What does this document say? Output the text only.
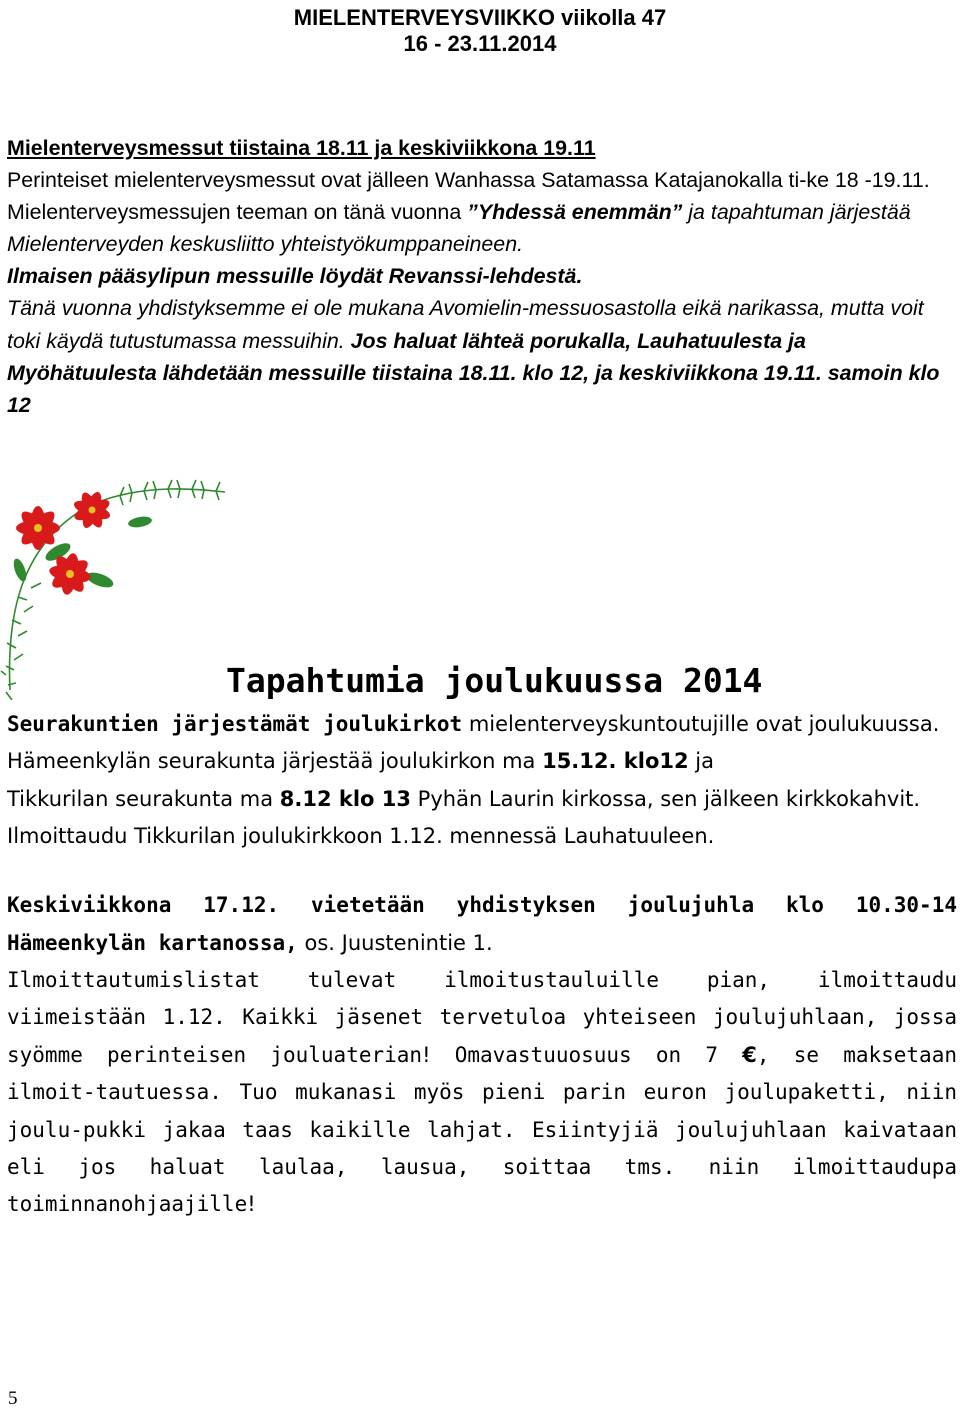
MIELENTERVEYSVIIKKO viikolla 47
16 - 23.11.2014

Mielenterveysmessut tiistaina 18.11 ja keskiviikkona 19.11

Perinteiset mielenterveysmessut ovat jälleen Wanhassa Satamassa Katajanokalla ti-ke 18 -19.11. Mielenterveysmessujen teeman on tänä vuonna ”Yhdessä enemmän” ja tapahtuman järjestää Mielenterveyden keskusliitto yhteistyökumppaneineen.

Ilmaisen pääsylipun messuille löydät Revanssi-lehdestä.

Tänä vuonna yhdistyksemme ei ole mukana Avomielin-messuosastolla eikä narikassa, mutta voit toki käydä tutustumassa messuihin. Jos haluat lähteä porukalla, Lauhatuulesta ja Myöhätuulesta lähdetään messuille tiistaina 18.11. klo 12, ja keskiviikkona 19.11. samoin klo 12

Tapahtumia joulukuussa 2014

Seurakuntien järjestämät joulukirkot mielenterveyskuntoutujille ovat joulukuussa.

Hämeenkylän seurakunta järjestää joulukirkon ma 15.12. klo12 ja

Tikkurilan seurakunta ma 8.12 klo 13 Pyhän Laurin kirkossa, sen jälkeen kirkkokahvit.

Ilmoittaudu Tikkurilan joulukirkkoon 1.12. mennessä Lauhatuuleen.

Keskiviikkona 17.12. vietetään yhdistyksen joulujuhla klo 10.30-14 Hämeenkylän kartanossa, os. Juustenintie 1.
Ilmoittautumislistat tulevat ilmoitustauluille pian, ilmoittaudu viimeistään 1.12. Kaikki jäsenet tervetuloa yhteiseen joulujuhlaan, jossa syömme perinteisen jouluaterian! Omavastuuosuus on 7 €, se maksetaan ilmoit-tautuessa. Tuo mukanasi myös pieni parin euron joulupaketti, niin joulu-pukki jakaa taas kaikille lahjat. Esiintyjiä joulujuhlaan kaivataan eli jos haluat laulaa, lausua, soittaa tms. niin ilmoittaudupa toiminnanohjaajille!

5
